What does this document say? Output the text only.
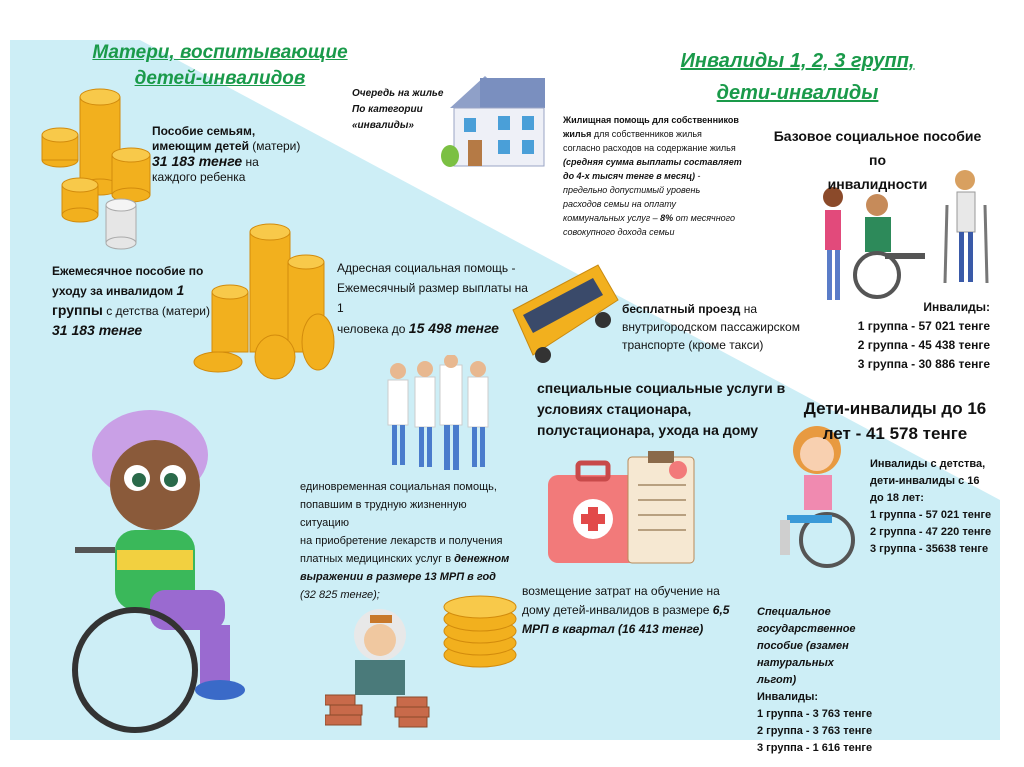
Матери, воспитывающие
детей-инвалидов
Инвалиды 1, 2, 3 групп,
дети-инвалиды
Пособие семьям,
имеющим детей (матери)
31 183 тенге на
каждого ребенка
Ежемесячное пособие по
уходу за инвалидом 1
группы с детства (матери)
31 183 тенге
Очередь на жилье
По категории
«инвалиды»	Жилищная помощь для собственников
жилья для собственников жилья
согласно расходов на содержание жилья
(средняя сумма выплаты составляет
до 4-х тысяч тенге в месяц) -
предельно допустимый уровень
расходов семьи на оплату
коммунальных услуг – 8% от месячного
совокупного дохода семьи
Базовое социальное пособие по
инвалидности
Инвалиды:
1 группа - 57 021 тенге
2 группа - 45 438 тенге
3 группа - 30 886 тенге
Адресная социальная помощь -
Ежемесячный размер выплаты на 1
человека до 15 498 тенге
бесплатный проезд на
внутригородском пассажирском
транспорте (кроме такси)
специальные социальные услуги в
условиях стационара,
полустационара, ухода на дому
Дети-инвалиды до 16
лет - 41 578 тенге
Инвалиды с детства,
дети-инвалиды с 16
до 18 лет:
1 группа - 57 021 тенге
2 группа - 47 220 тенге
3 группа - 35638 тенге
единовременная социальная помощь,
попавшим в трудную жизненную ситуацию
на приобретение лекарств и получения
платных медицинских услуг в денежном
выражении в размере 13 МРП в год
(32 825 тенге);	возмещение затрат на обучение на
дому детей-инвалидов в размере 6,5
МРП в квартал (16 413 тенге)
Специальное государственное
пособие (взамен натуральных
льгот)
Инвалиды:
1 группа - 3 763 тенге
2 группа - 3 763 тенге
3 группа - 1 616 тенге
